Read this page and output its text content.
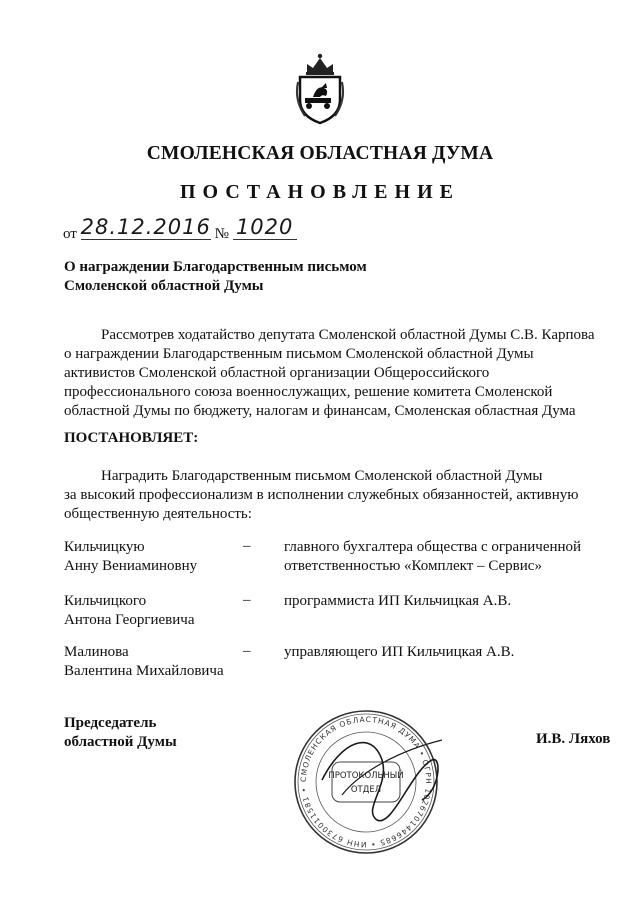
СМОЛЕНСКАЯ ОБЛАСТНАЯ ДУМА
ПОСТАНОВЛЕНИЕ
от 28.12.2016 № 1020
О награждении Благодарственным письмом
Смоленской областной Думы
Рассмотрев ходатайство депутата Смоленской областной Думы С.В. Карпова
о награждении Благодарственным письмом Смоленской областной Думы
активистов Смоленской областной организации Общероссийского
профессионального союза военнослужащих, решение комитета Смоленской
областной Думы по бюджету, налогам и финансам, Смоленская областная Дума
ПОСТАНОВЛЯЕТ:
Наградить Благодарственным письмом Смоленской областной Думы
за высокий профессионализм в исполнении служебных обязанностей, активную
общественную деятельность:
Кильчицкую
Анну Вениаминовну
– главного бухгалтера общества с ограниченной
ответственностью «Комплект – Сервис»
Кильчицкого
Антона Георгиевича
– программиста ИП Кильчицкая А.В.
Малинова
Валентина Михайловича
– управляющего ИП Кильчицкая А.В.
Председатель
областной Думы
СМОЛЕНСКАЯ ОБЛАСТНАЯ ДУМА • ОГРН 1026701446685 • ИНН 6730011581 •
ПРОТОКОЛЬНЫЙ
ОТДЕЛ
И.В. Ляхов
